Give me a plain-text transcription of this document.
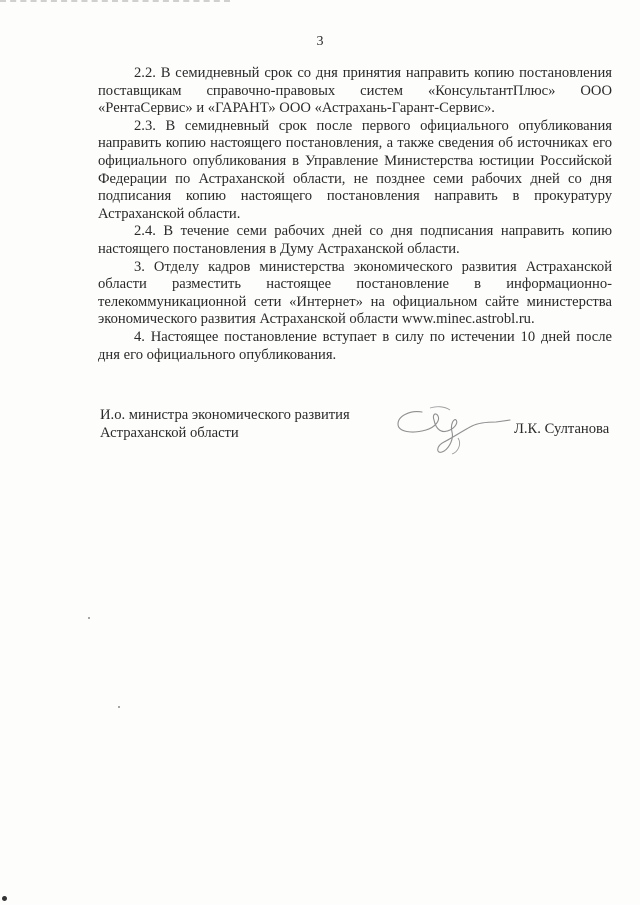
3

2.2. В семидневный срок со дня принятия направить копию постановления поставщикам справочно-правовых систем «КонсультантПлюс» ООО «РентаСервис» и «ГАРАНТ» ООО «Астрахань-Гарант-Сервис».

2.3. В семидневный срок после первого официального опубликования направить копию настоящего постановления, а также сведения об источниках его официального опубликования в Управление Министерства юстиции Российской Федерации по Астраханской области, не позднее семи рабочих дней со дня подписания копию настоящего постановления направить в прокуратуру Астраханской области.

2.4. В течение семи рабочих дней со дня подписания направить копию настоящего постановления в Думу Астраханской области.

3. Отделу кадров министерства экономического развития Астраханской области разместить настоящее постановление в информационно-телекоммуникационной сети «Интернет» на официальном сайте министерства экономического развития Астраханской области www.minec.astrobl.ru.

4. Настоящее постановление вступает в силу по истечении 10 дней после дня его официального опубликования.

И.о. министра экономического развития
Астраханской области	Л.К. Султанова
